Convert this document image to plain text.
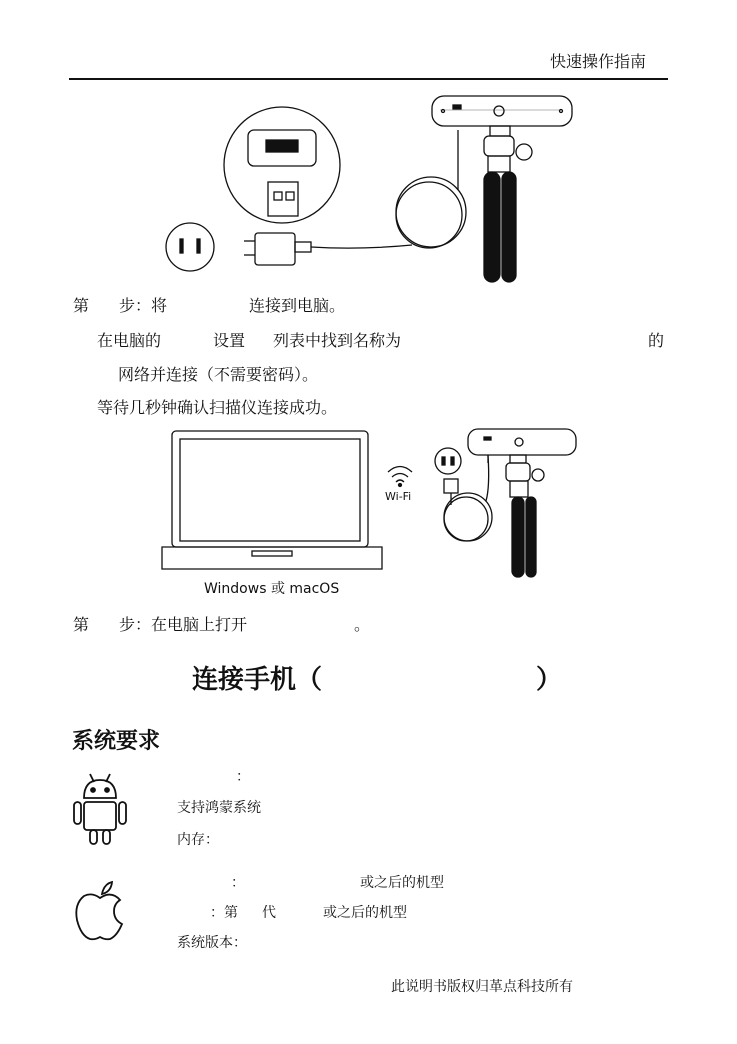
快速操作指南
第 步：将	连接到电脑。
在电脑的	设置 列表中找到名称为	的
网络并连接（不需要密码）。
等待几秒钟确认扫描仪连接成功。
Wi-Fi
Windows 或 macOS
第 步：在电脑上打开	。
连接手机（	）
系统要求
：
支持鸿蒙系统
内存：
：	或之后的机型
：第 代	或之后的机型
系统版本：
此说明书版权归革点科技所有
